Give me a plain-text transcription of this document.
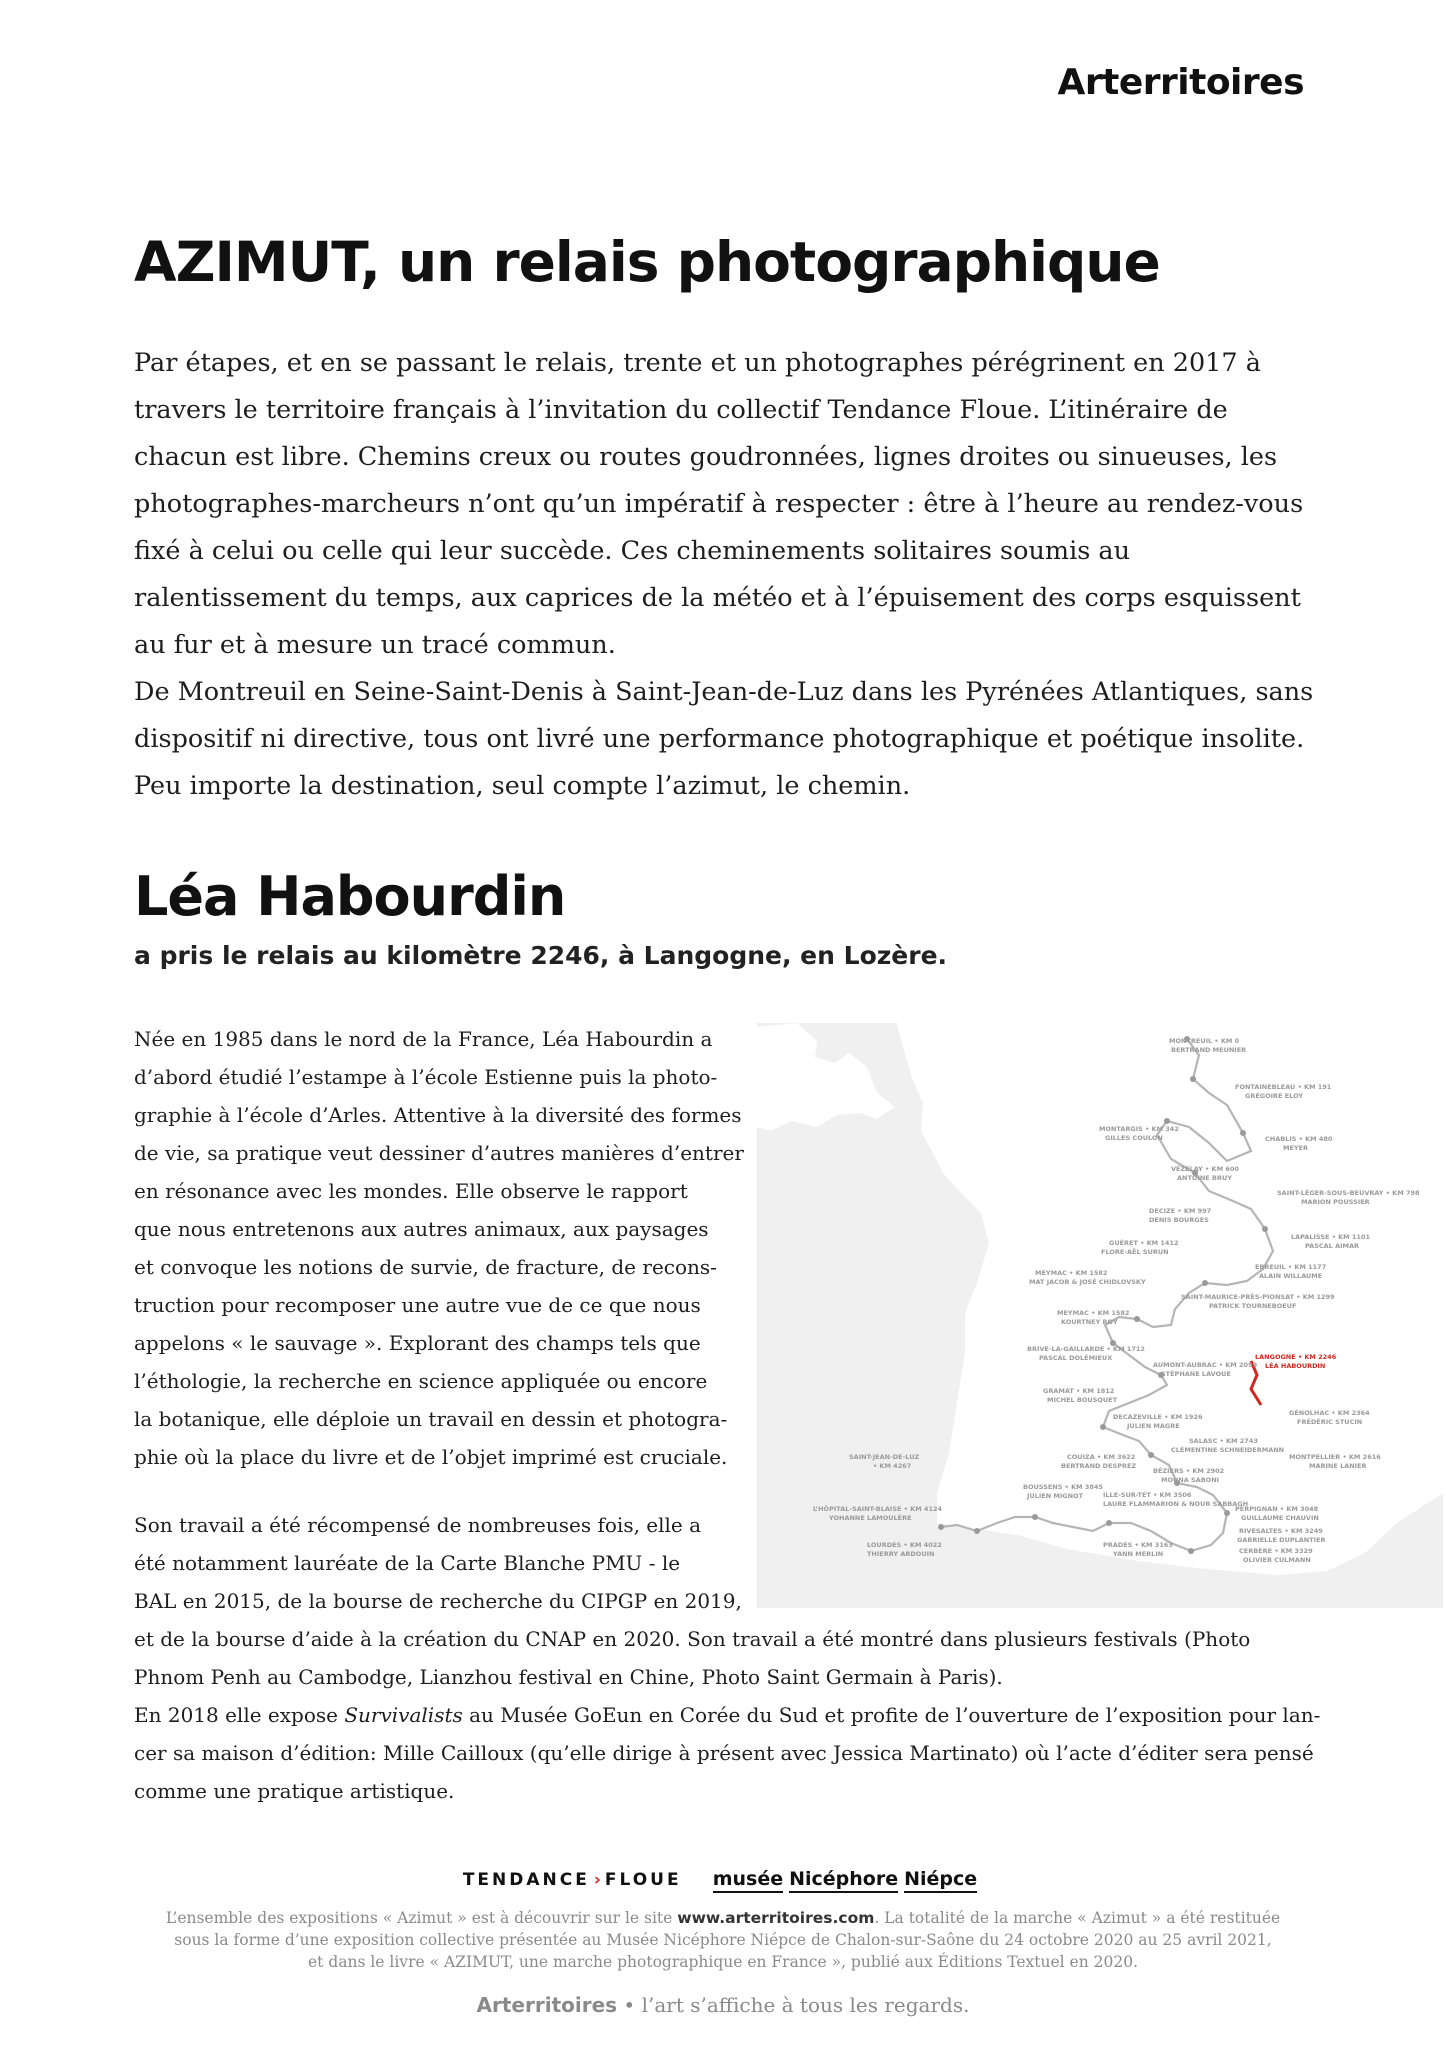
Arterritoires
AZIMUT, un relais photographique

Par étapes, et en se passant le relais, trente et un photographes pérégrinent en 2017 à travers le territoire français à l’invitation du collectif Tendance Floue. L’itinéraire de chacun est libre. Chemins creux ou routes goudronnées, lignes droites ou sinueuses, les photographes-marcheurs n’ont qu’un impératif à respecter : être à l’heure au rendez-vous fixé à celui ou celle qui leur succède. Ces cheminements solitaires soumis au ralentissement du temps, aux caprices de la météo et à l’épuisement des corps esquissent au fur et à mesure un tracé commun.

De Montreuil en Seine-Saint-Denis à Saint-Jean-de-Luz dans les Pyrénées Atlantiques, sans dispositif ni directive, tous ont livré une performance photographique et poétique insolite. Peu importe la destination, seul compte l’azimut, le chemin.

Léa Habourdin
a pris le relais au kilomètre 2246, à Langogne, en Lozère.
Née en 1985 dans le nord de la France, Léa Habourdin a
d’abord étudié l’estampe à l’école Estienne puis la photo-
graphie à l’école d’Arles. Attentive à la diversité des formes
de vie, sa pratique veut dessiner d’autres manières d’entrer
en résonance avec les mondes. Elle observe le rapport
que nous entretenons aux autres animaux, aux paysages
et convoque les notions de survie, de fracture, de recons-
truction pour recomposer une autre vue de ce que nous
appelons « le sauvage ». Explorant des champs tels que
l’éthologie, la recherche en science appliquée ou encore
la botanique, elle déploie un travail en dessin et photogra-
phie où la place du livre et de l’objet imprimé est cruciale.
Son travail a été récompensé de nombreuses fois, elle a
été notamment lauréate de la Carte Blanche PMU - le
BAL en 2015, de la bourse de recherche du CIPGP en 2019,
et de la bourse d’aide à la création du CNAP en 2020. Son travail a été montré dans plusieurs festivals (Photo
Phnom Penh au Cambodge, Lianzhou festival en Chine, Photo Saint Germain à Paris).
En 2018 elle expose Survivalists au Musée GoEun en Corée du Sud et profite de l’ouverture de l’exposition pour lan-
cer sa maison d’édition: Mille Cailloux (qu’elle dirige à présent avec Jessica Martinato) où l’acte d’éditer sera pensé
comme une pratique artistique.
MONTREUIL • KM 0
BERTRAND MEUNIER
FONTAINEBLEAU • KM 191
GRÉGOIRE ELOY
MONTARGIS • KM 342
GILLES COULON	CHABLIS • KM 480
MEYER
VÉZELAY • KM 600
ANTOINE BRUY
SAINT-LÉGER-SOUS-BEUVRAY • KM 798
MARION POUSSIER
DECIZE • KM 997
DENIS BOURGES
LAPALISSE • KM 1101
PASCAL AIMAR
GUÉRET • KM 1412
FLORE-AËL SURUN
EBREUIL • KM 1177
ALAIN WILLAUME
MEYMAC • KM 1582
MAT JACOB & JOSÉ CHIDLOVSKY
SAINT-MAURICE-PRÈS-PIONSAT • KM 1299
PATRICK TOURNEBOEUF
MEYMAC • KM 1582
KOURTNEY ROY
BRIVE-LA-GAILLARDE • KM 1712
PASCAL DOLÉMIEUX	LANGOGNE • KM 2246
LÉA HABOURDIN
AUMONT-AUBRAC • KM 2099
STÉPHANE LAVOUE
GRAMAT • KM 1812
MICHEL BOUSQUET
DECAZEVILLE • KM 1926
JULIEN MAGRE
GÉNOLHAC • KM 2364
FRÉDÉRIC STUCIN
SALASC • KM 2743
CLÉMENTINE SCHNEIDERMANN
SAINT-JEAN-DE-LUZ
• KM 4267
COUIZA • KM 3622
BERTRAND DESPREZ
BÉZIERS • KM 2902
MOUNA SABONI
MONTPELLIER • KM 2616
MARINE LANIER
BOUSSENS • KM 3845
JULIEN MIGNOT	ILLE-SUR-TET • KM 3506
LAURE FLAMMARION & NOUR SABBAGH
L’HÔPITAL-SAINT-BLAISE • KM 4124
YOHANNE LAMOULÈRE
PERPIGNAN • KM 3048
GUILLAUME CHAUVIN
RIVESALTES • KM 3249
GABRIELLE DUPLANTIER
LOURDES • KM 4022
THIERRY ARDOUIN
PRADES • KM 3163
YANN MERLIN	CERBÈRE • KM 3329
OLIVIER CULMANN
TENDANCE › FLOUE musée Nicéphore Niépce
L’ensemble des expositions « Azimut » est à découvrir sur le site www.arterritoires.com. La totalité de la marche « Azimut » a été restituée
sous la forme d’une exposition collective présentée au Musée Nicéphore Niépce de Chalon-sur-Saône du 24 octobre 2020 au 25 avril 2021,
et dans le livre « AZIMUT, une marche photographique en France », publié aux Éditions Textuel en 2020.
Arterritoires • l’art s’affiche à tous les regards.
